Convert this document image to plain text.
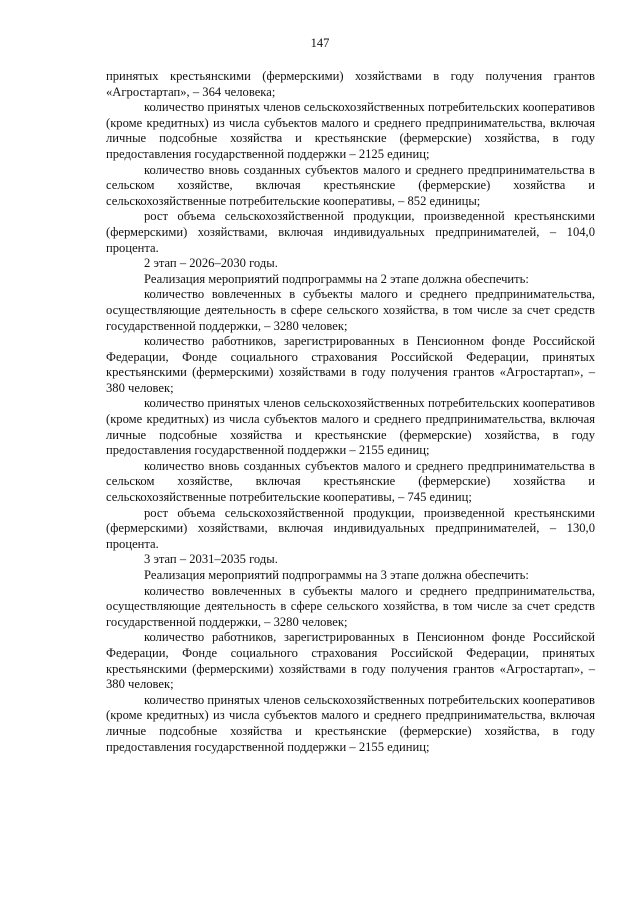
147

принятых крестьянскими (фермерскими) хозяйствами в году получения грантов «Агростартап», – 364 человека;

количество принятых членов сельскохозяйственных потребительских кооперативов (кроме кредитных) из числа субъектов малого и среднего предпринимательства, включая личные подсобные хозяйства и крестьянские (фермерские) хозяйства, в году предоставления государственной поддержки – 2125 единиц;

количество вновь созданных субъектов малого и среднего предпринимательства в сельском хозяйстве, включая крестьянские (фермерские) хозяйства и сельскохозяйственные потребительские кооперативы, – 852 единицы;

рост объема сельскохозяйственной продукции, произведенной крестьянскими (фермерскими) хозяйствами, включая индивидуальных предпринимателей, – 104,0 процента.

2 этап – 2026–2030 годы.

Реализация мероприятий подпрограммы на 2 этапе должна обеспечить:

количество вовлеченных в субъекты малого и среднего предпринимательства, осуществляющие деятельность в сфере сельского хозяйства, в том числе за счет средств государственной поддержки, – 3280 человек;

количество работников, зарегистрированных в Пенсионном фонде Российской Федерации, Фонде социального страхования Российской Федерации, принятых крестьянскими (фермерскими) хозяйствами в году получения грантов «Агростартап», – 380 человек;

количество принятых членов сельскохозяйственных потребительских кооперативов (кроме кредитных) из числа субъектов малого и среднего предпринимательства, включая личные подсобные хозяйства и крестьянские (фермерские) хозяйства, в году предоставления государственной поддержки – 2155 единиц;

количество вновь созданных субъектов малого и среднего предпринимательства в сельском хозяйстве, включая крестьянские (фермерские) хозяйства и сельскохозяйственные потребительские кооперативы, – 745 единиц;

рост объема сельскохозяйственной продукции, произведенной крестьянскими (фермерскими) хозяйствами, включая индивидуальных предпринимателей, – 130,0 процента.

3 этап – 2031–2035 годы.

Реализация мероприятий подпрограммы на 3 этапе должна обеспечить:

количество вовлеченных в субъекты малого и среднего предпринимательства, осуществляющие деятельность в сфере сельского хозяйства, в том числе за счет средств государственной поддержки, – 3280 человек;

количество работников, зарегистрированных в Пенсионном фонде Российской Федерации, Фонде социального страхования Российской Федерации, принятых крестьянскими (фермерскими) хозяйствами в году получения грантов «Агростартап», – 380 человек;

количество принятых членов сельскохозяйственных потребительских кооперативов (кроме кредитных) из числа субъектов малого и среднего предпринимательства, включая личные подсобные хозяйства и крестьянские (фермерские) хозяйства, в году предоставления государственной поддержки – 2155 единиц;
